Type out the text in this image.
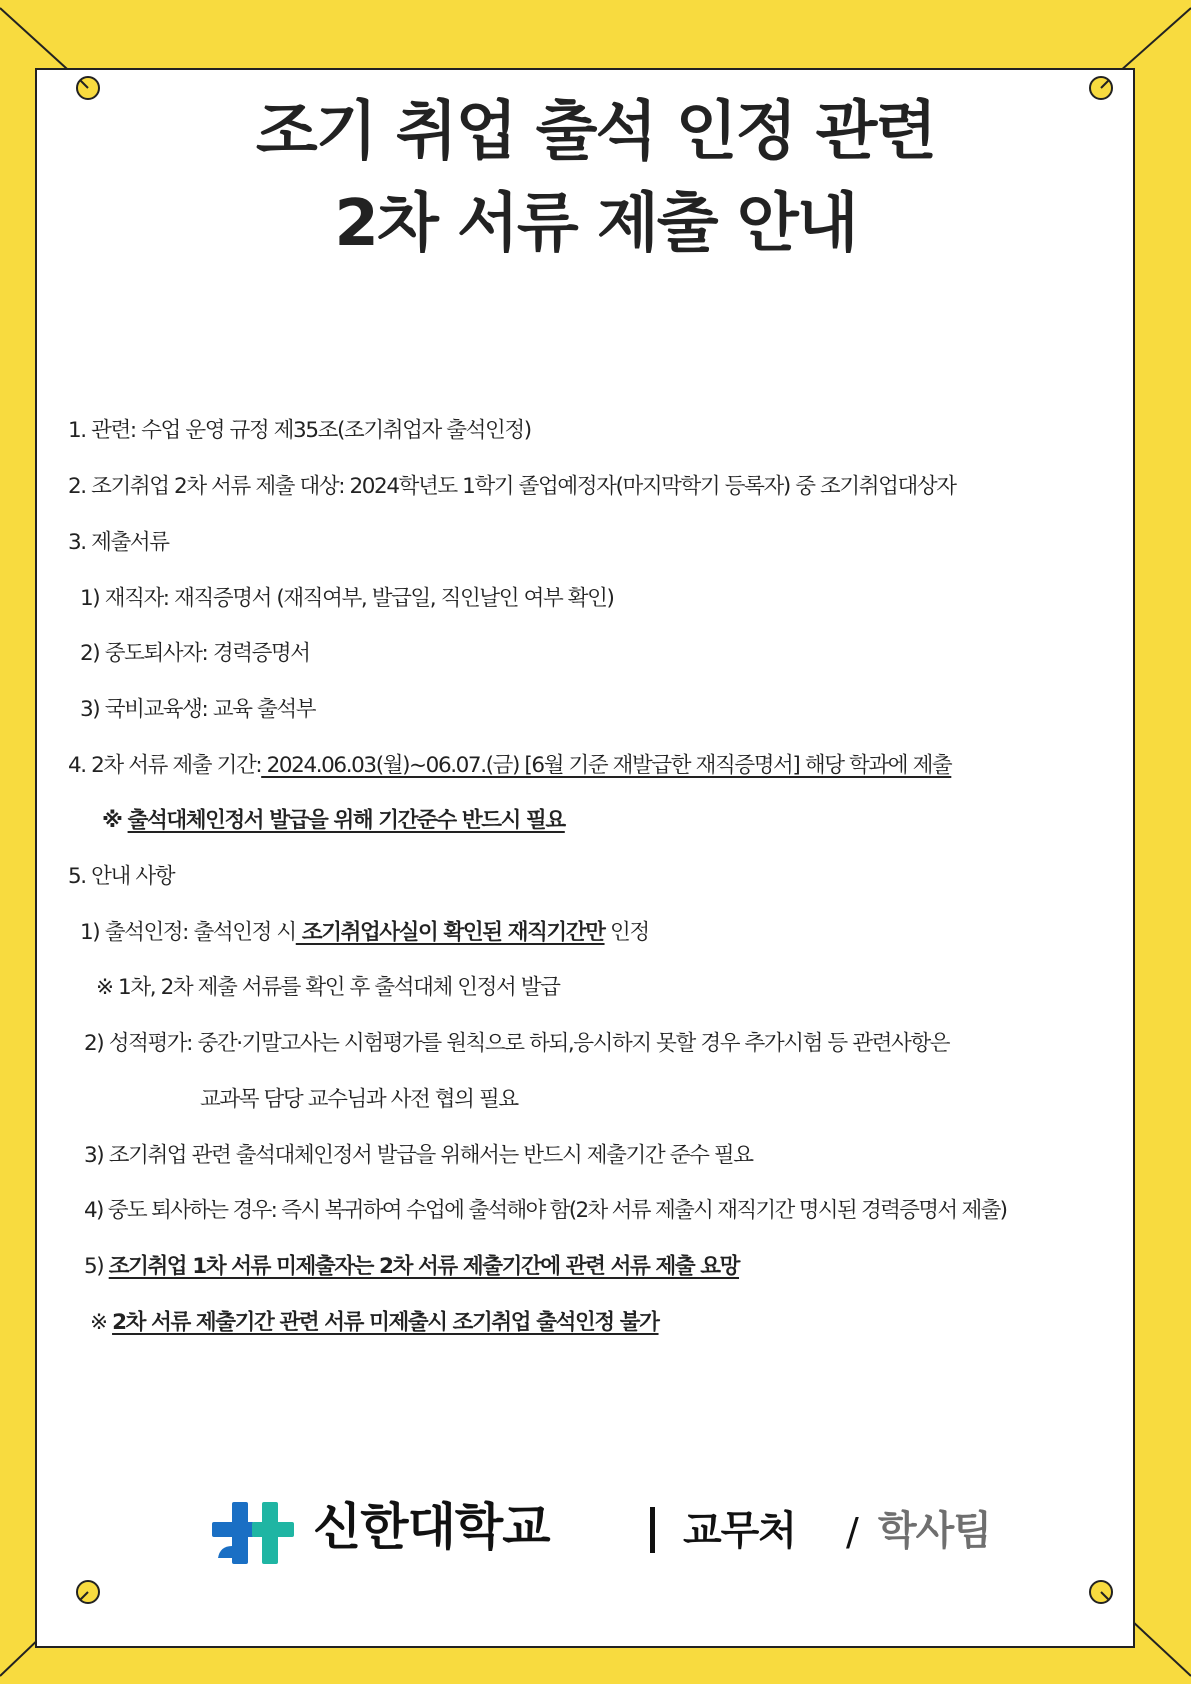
조기 취업 출석 인정 관련
2차 서류 제출 안내
1. 관련: 수업 운영 규정 제35조(조기취업자 출석인정)
2. 조기취업 2차 서류 제출 대상: 2024학년도 1학기 졸업예정자(마지막학기 등록자) 중 조기취업대상자
3. 제출서류
1) 재직자: 재직증명서 (재직여부, 발급일, 직인날인 여부 확인)
2) 중도퇴사자: 경력증명서
3) 국비교육생: 교육 출석부
4. 2차 서류 제출 기간: 2024.06.03(월)~06.07.(금) [6월 기준 재발급한 재직증명서] 해당 학과에 제출
※ 출석대체인정서 발급을 위해 기간준수 반드시 필요
5. 안내 사항
1) 출석인정: 출석인정 시 조기취업사실이 확인된 재직기간만 인정
※ 1차, 2차 제출 서류를 확인 후 출석대체 인정서 발급
2) 성적평가: 중간·기말고사는 시험평가를 원칙으로 하되,응시하지 못할 경우 추가시험 등 관련사항은
교과목 담당 교수님과 사전 협의 필요
3) 조기취업 관련 출석대체인정서 발급을 위해서는 반드시 제출기간 준수 필요
4) 중도 퇴사하는 경우: 즉시 복귀하여 수업에 출석해야 함(2차 서류 제출시 재직기간 명시된 경력증명서 제출)
5) 조기취업 1차 서류 미제출자는 2차 서류 제출기간에 관련 서류 제출 요망
※ 2차 서류 제출기간 관련 서류 미제출시 조기취업 출석인정 불가
신한대학교	교무처 / 학사팀
